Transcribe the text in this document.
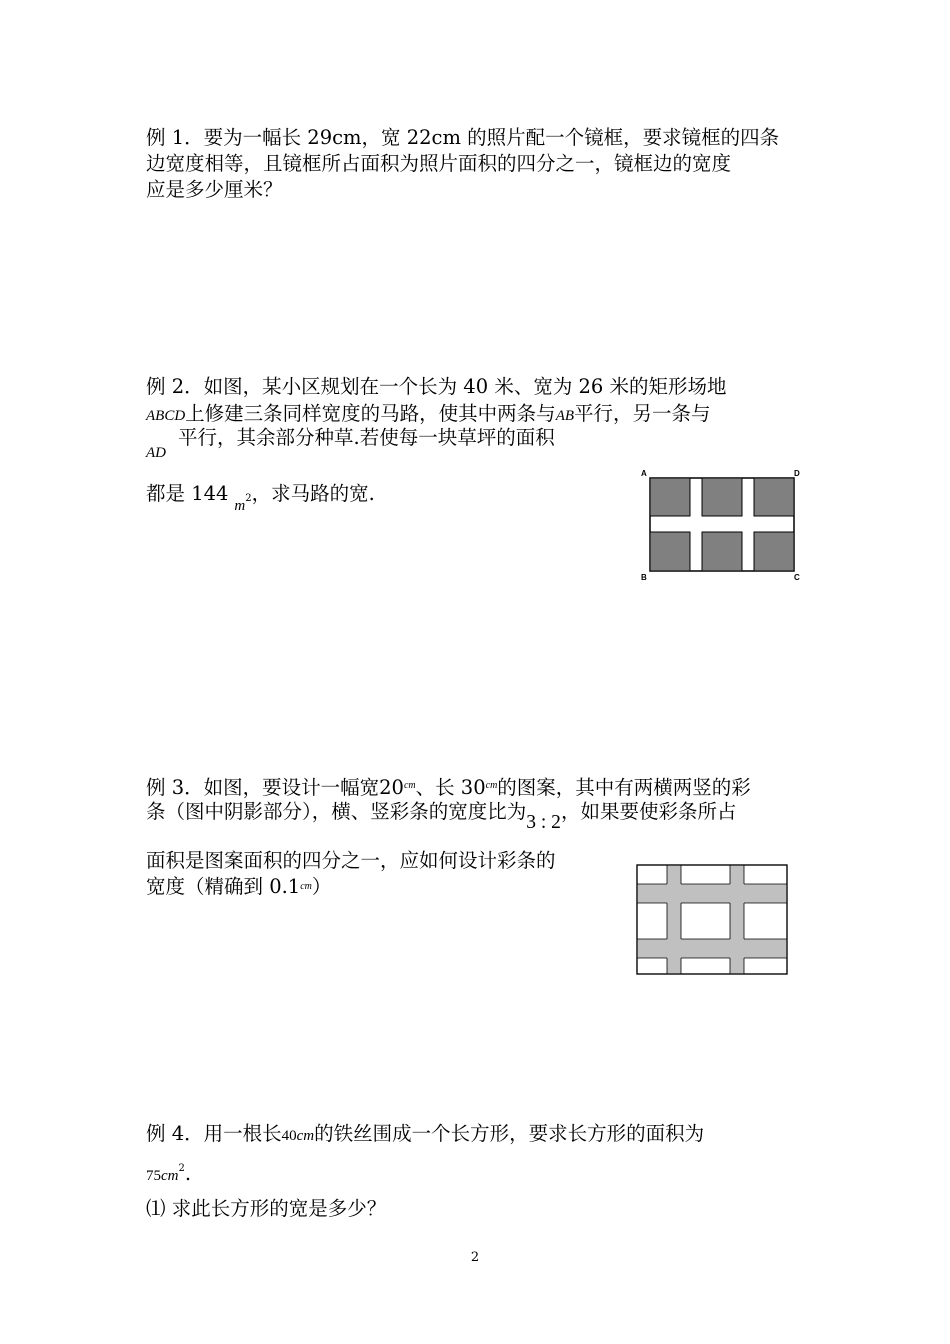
例 1．要为一幅长 29cm，宽 22cm 的照片配一个镜框，要求镜框的四条
边宽度相等，且镜框所占面积为照片面积的四分之一，镜框边的宽度
应是多少厘米？
例 2．如图，某小区规划在一个长为 40 米、宽为 26 米的矩形场地
ABCD上修建三条同样宽度的马路，使其中两条与AB平行，另一条与
AD
平行，其余部分种草.若使每一块草坪的面积
都是 $144_m^2$，求马路的宽.
A	D
B	C
例 3．如图，要设计一幅宽$20^{cm}$、长 $30^{cm}$的图案，其中有两横两竖的彩
条（图中阴影部分），横、竖彩条的宽度比为3 : 2，如果要使彩条所占
面积是图案面积的四分之一，应如何设计彩条的
宽度（精确到 $0.1^{cm}$）
例 4．用一根长40cm的铁丝围成一个长方形，要求长方形的面积为
$75cm^2$.
⑴ 求此长方形的宽是多少？
2
